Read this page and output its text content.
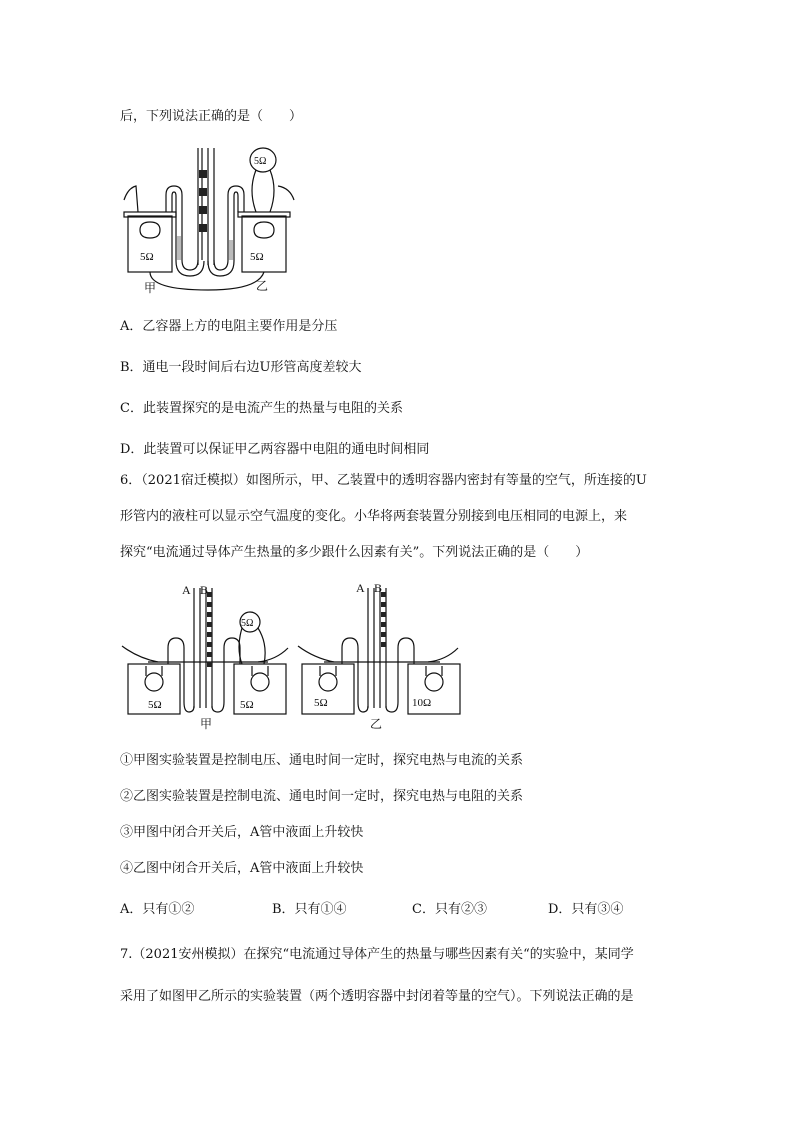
后，下列说法正确的是（　　）
5Ω	5Ω
5Ω
甲	乙
A．乙容器上方的电阻主要作用是分压
B．通电一段时间后右边U形管高度差较大
C．此装置探究的是电流产生的热量与电阻的关系
D．此装置可以保证甲乙两容器中电阻的通电时间相同
6．（2021宿迁模拟）如图所示，甲、乙装置中的透明容器内密封有等量的空气，所连接的U
形管内的液柱可以显示空气温度的变化。小华将两套装置分别接到电压相同的电源上，来
探究“电流通过导体产生热量的多少跟什么因素有关”。下列说法正确的是（　　）
A B
5Ω
5Ω	5Ω
甲
A B
5Ω	10Ω
乙
①甲图实验装置是控制电压、通电时间一定时，探究电热与电流的关系
②乙图实验装置是控制电流、通电时间一定时，探究电热与电阻的关系
③甲图中闭合开关后，A管中液面上升较快
④乙图中闭合开关后，A管中液面上升较快
A．只有①②	B．只有①④	C．只有②③	D．只有③④
7.（2021安州模拟）在探究“电流通过导体产生的热量与哪些因素有关“的实验中，某同学
采用了如图甲乙所示的实验装置（两个透明容器中封闭着等量的空气）。下列说法正确的是
